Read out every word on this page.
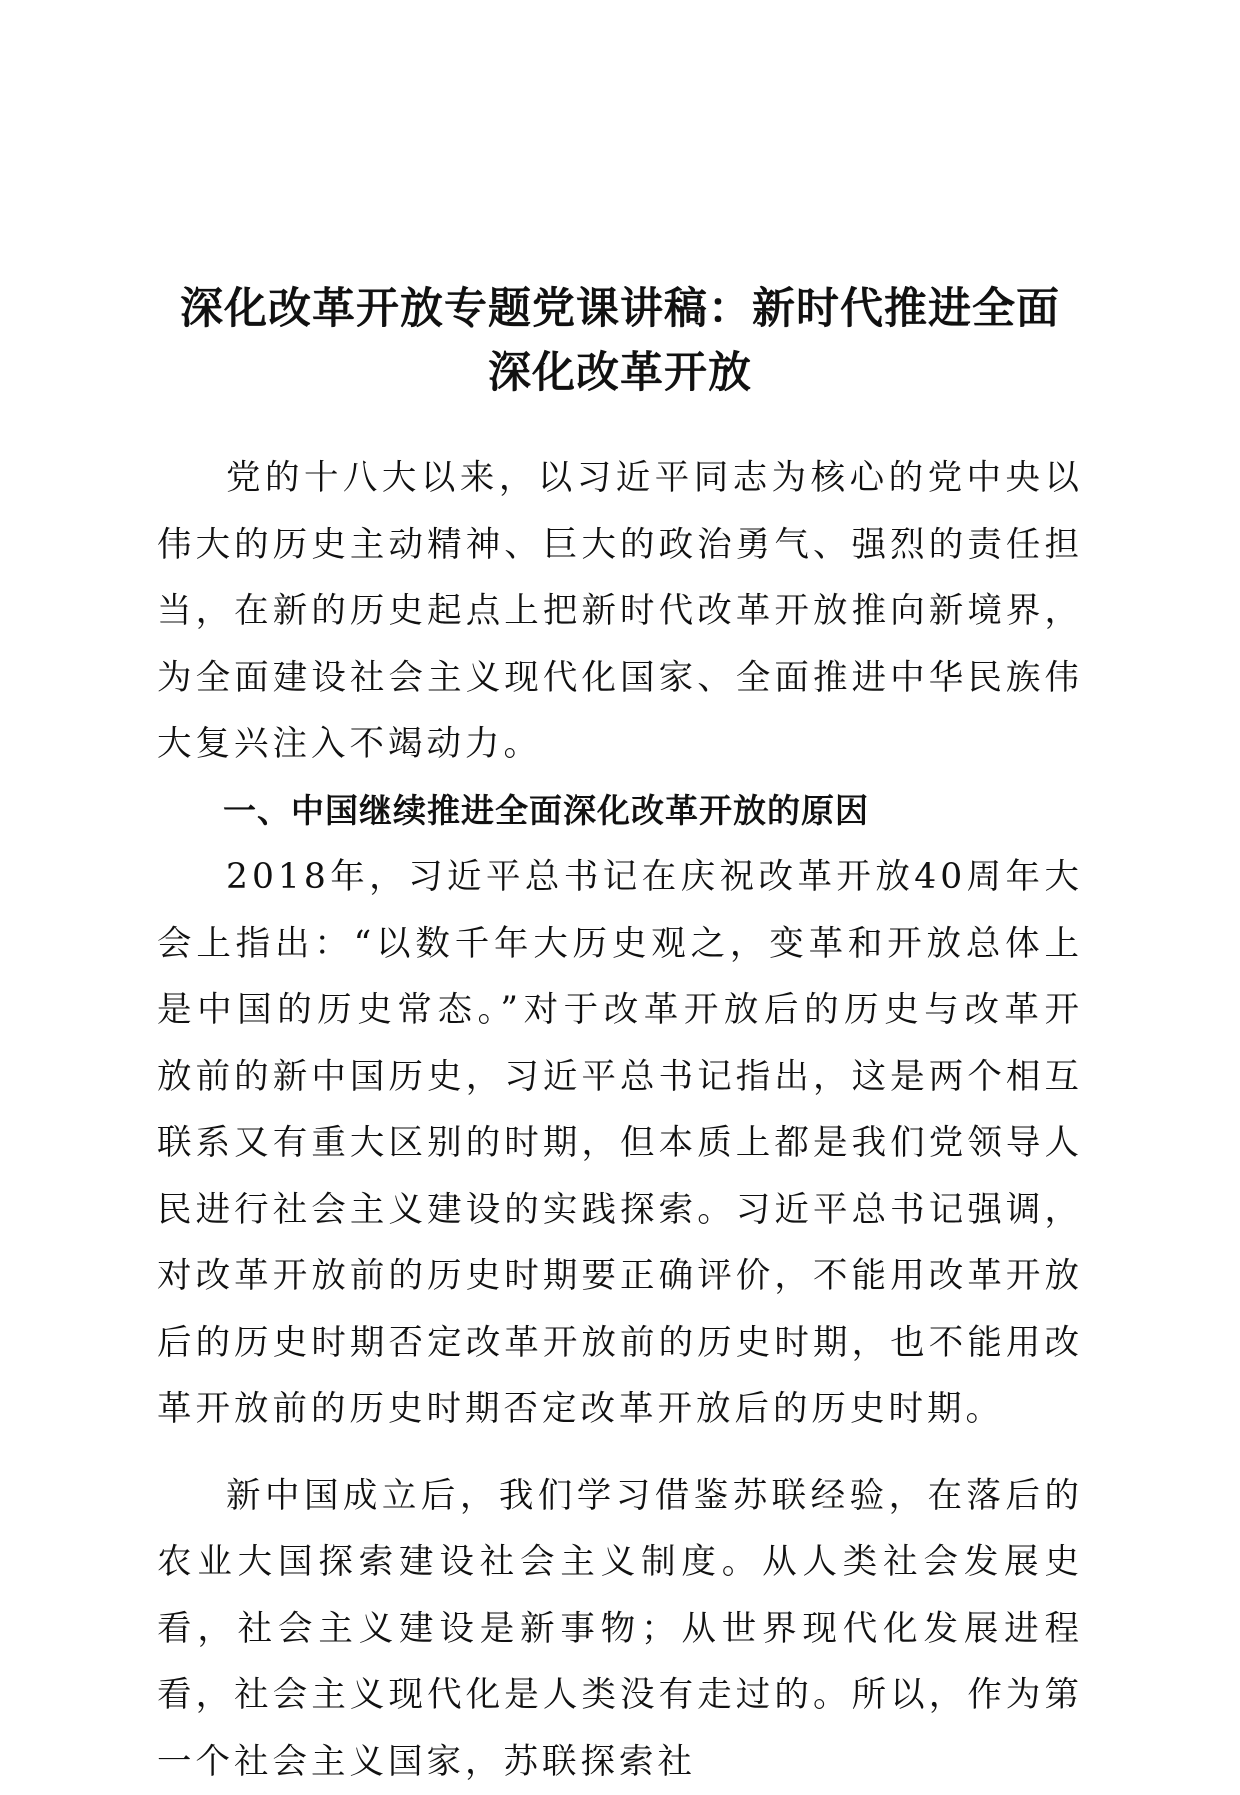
深化改革开放专题党课讲稿：新时代推进全面
深化改革开放

党的十八大以来，以习近平同志为核心的党中央以伟大的历史主动精神、巨大的政治勇气、强烈的责任担当，在新的历史起点上把新时代改革开放推向新境界，为全面建设社会主义现代化国家、全面推进中华民族伟大复兴注入不竭动力。

一、中国继续推进全面深化改革开放的原因

2018年，习近平总书记在庆祝改革开放40周年大会上指出：“以数千年大历史观之，变革和开放总体上是中国的历史常态。”对于改革开放后的历史与改革开放前的新中国历史，习近平总书记指出，这是两个相互联系又有重大区别的时期，但本质上都是我们党领导人民进行社会主义建设的实践探索。习近平总书记强调，对改革开放前的历史时期要正确评价，不能用改革开放后的历史时期否定改革开放前的历史时期，也不能用改革开放前的历史时期否定改革开放后的历史时期。

新中国成立后，我们学习借鉴苏联经验，在落后的农业大国探索建设社会主义制度。从人类社会发展史看，社会主义建设是新事物；从世界现代化发展进程看，社会主义现代化是人类没有走过的。所以，作为第一个社会主义国家，苏联探索社
